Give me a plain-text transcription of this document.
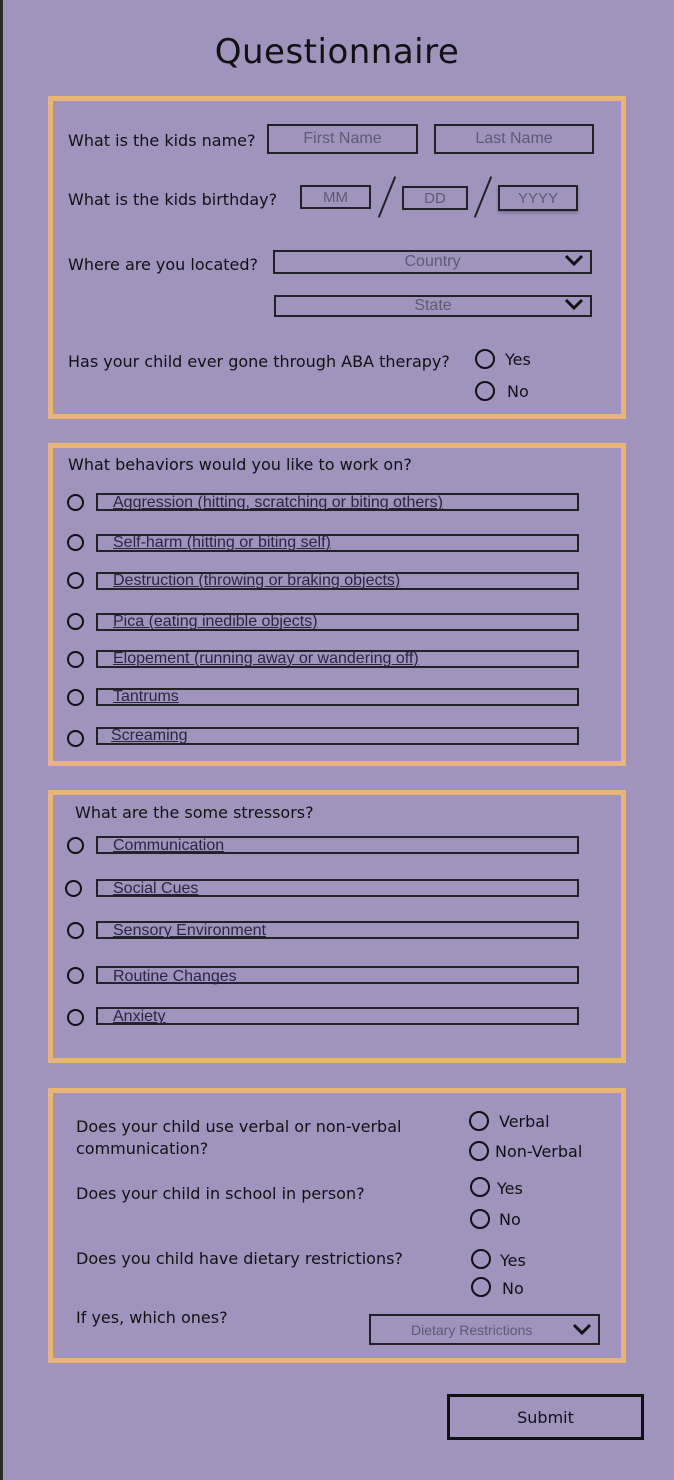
Questionnaire
What is the kids name?	First Name	Last Name
What is the kids birthday?	MM	DD	YYYY
Where are you located?	Country
State
Has your child ever gone through ABA therapy?	Yes
No
What behaviors would you like to work on?
Aggression (hitting, scratching or biting others)
Self-harm (hitting or biting self)
Destruction (throwing or braking objects)
Pica (eating inedible objects)
Elopement (running away or wandering off)
Tantrums
Screaming
What are the some stressors?
Communication
Social Cues
Sensory Environment
Routine Changes
Anxiety
Does your child use verbal or non-verbal
communication?
Verbal
Non-Verbal
Does your child in school in person?	Yes
No
Does you child have dietary restrictions?	Yes
No
If yes, which ones?
Dietary Restrictions
Submit
